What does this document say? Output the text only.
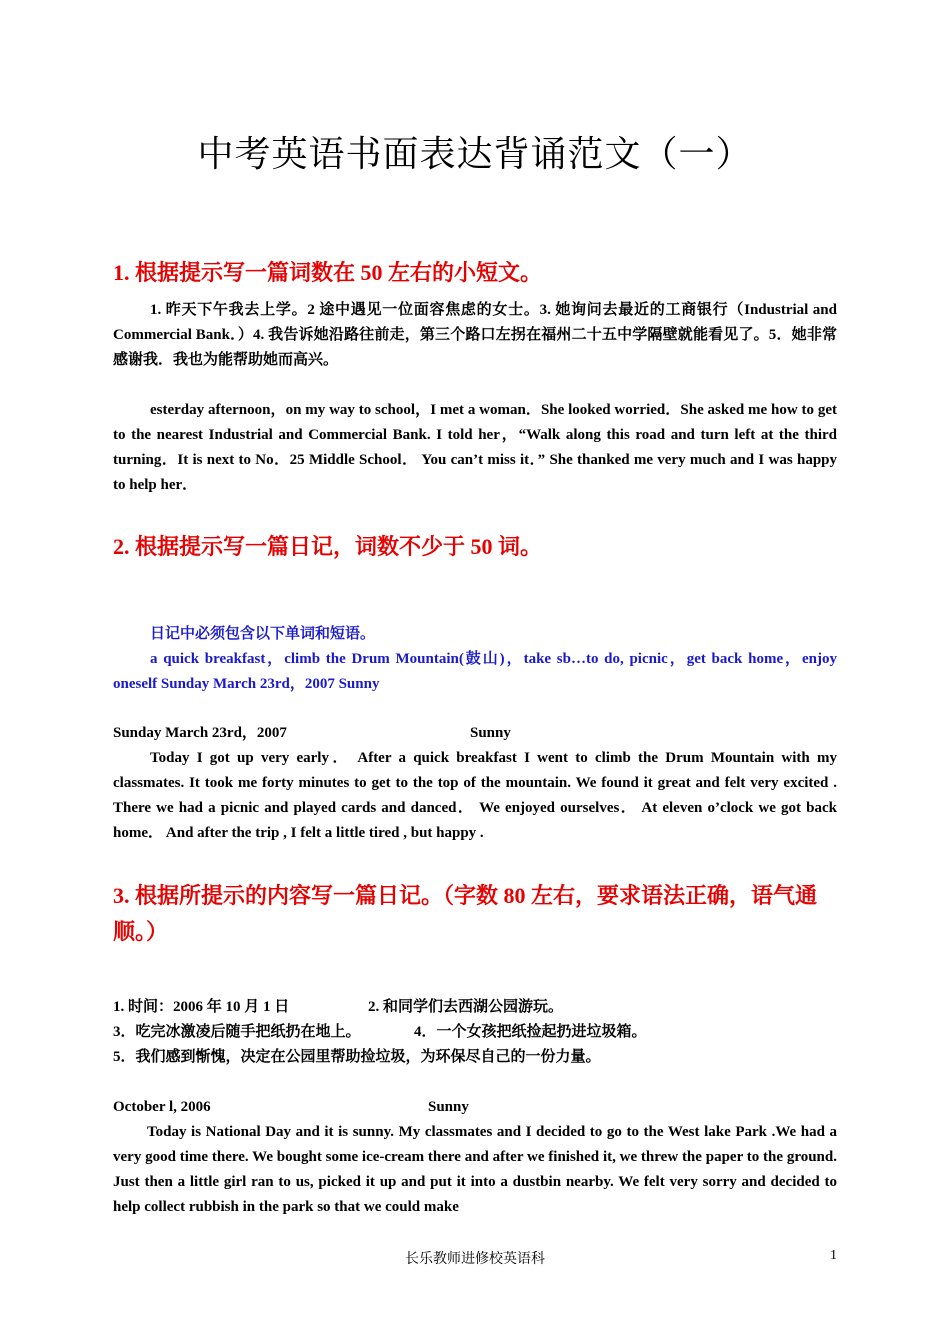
中考英语书面表达背诵范文（一）
1. 根据提示写一篇词数在 50 左右的小短文。
1. 昨天下午我去上学。2 途中遇见一位面容焦虑的女士。3. 她询问去最近的工商银行（Industrial and Commercial Bank．）4. 我告诉她沿路往前走，第三个路口左拐在福州二十五中学隔壁就能看见了。5．她非常感谢我．我也为能帮助她而高兴。
esterday afternoon，on my way to school，I met a woman．She looked worried．She asked me how to get to the nearest Industrial and Commercial Bank. I told her，“Walk along this road and turn left at the third turning．It is next to No．25 Middle School． You can’t miss it．” She thanked me very much and I was happy to help her．
2. 根据提示写一篇日记，词数不少于 50 词。
日记中必须包含以下单词和短语。
a quick breakfast，climb the Drum Mountain(鼓山)，take sb…to do, picnic，get back home，enjoy oneself Sunday March 23rd，2007 Sunny
Sunday March 23rd，2007	Sunny
Today I got up very early． After a quick breakfast I went to climb the Drum Mountain with my classmates. It took me forty minutes to get to the top of the mountain. We found it great and felt very excited . There we had a picnic and played cards and danced． We enjoyed ourselves． At eleven o’clock we got back home． And after the trip , I felt a little tired , but happy .
3. 根据所提示的内容写一篇日记。（字数 80 左右，要求语法正确，语气通顺。）
1. 时间：2006 年 10 月 1 日	2. 和同学们去西湖公园游玩。
3．吃完冰激凌后随手把纸扔在地上。	4．一个女孩把纸捡起扔进垃圾箱。
5．我们感到惭愧，决定在公园里帮助捡垃圾，为环保尽自己的一份力量。
October l, 2006	Sunny
Today is National Day and it is sunny. My classmates and I decided to go to the West lake Park .We had a very good time there. We bought some ice-cream there and after we finished it, we threw the paper to the ground. Just then a little girl ran to us, picked it up and put it into a dustbin nearby. We felt very sorry and decided to help collect rubbish in the park so that we could make
长乐教师进修校英语科	1
